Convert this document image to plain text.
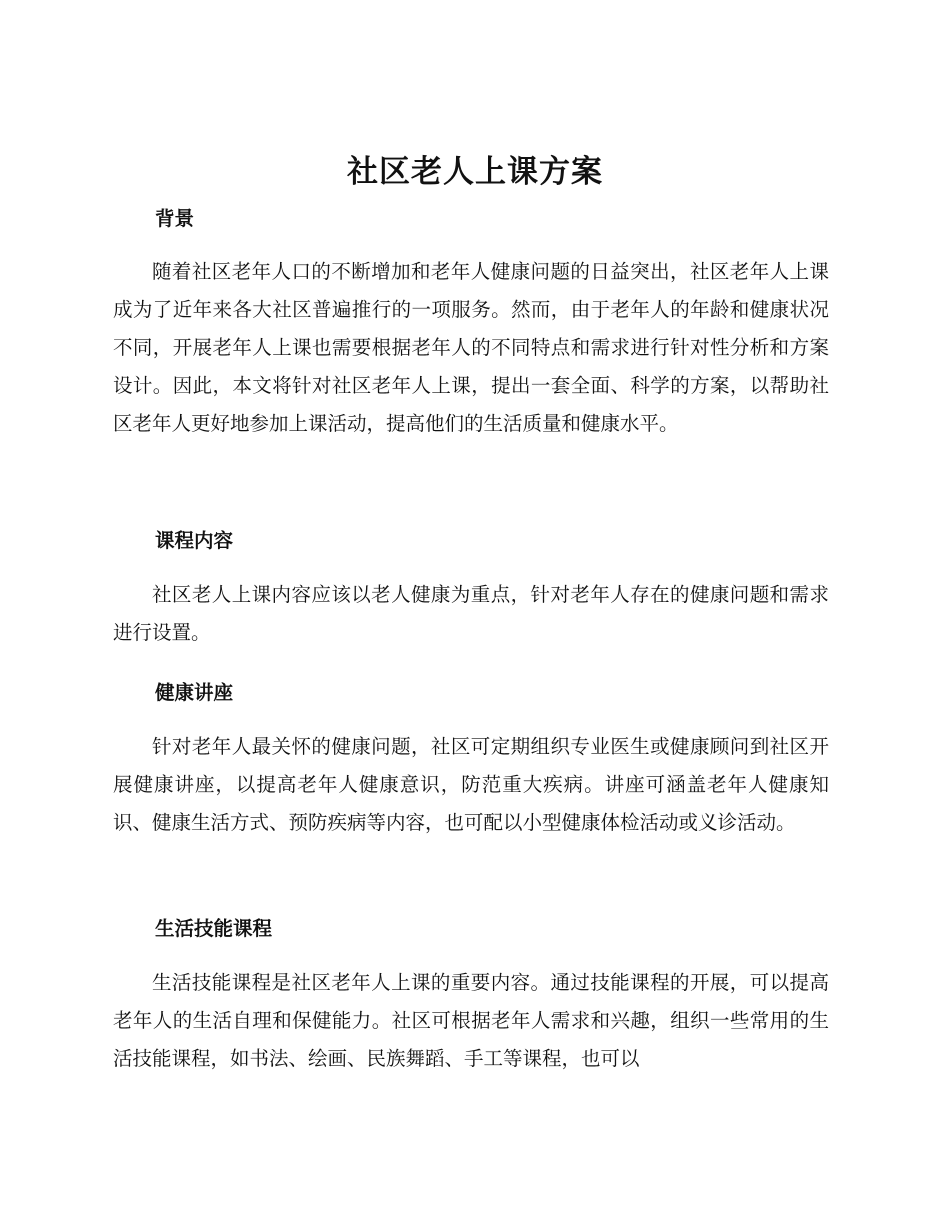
社区老人上课方案
背景

随着社区老年人口的不断增加和老年人健康问题的日益突出，社区老年人上课成为了近年来各大社区普遍推行的一项服务。然而，由于老年人的年龄和健康状况不同，开展老年人上课也需要根据老年人的不同特点和需求进行针对性分析和方案设计。因此，本文将针对社区老年人上课，提出一套全面、科学的方案，以帮助社区老年人更好地参加上课活动，提高他们的生活质量和健康水平。

课程内容

社区老人上课内容应该以老人健康为重点，针对老年人存在的健康问题和需求进行设置。

健康讲座

针对老年人最关怀的健康问题，社区可定期组织专业医生或健康顾问到社区开展健康讲座，以提高老年人健康意识，防范重大疾病。讲座可涵盖老年人健康知识、健康生活方式、预防疾病等内容，也可配以小型健康体检活动或义诊活动。

生活技能课程

生活技能课程是社区老年人上课的重要内容。通过技能课程的开展，可以提高老年人的生活自理和保健能力。社区可根据老年人需求和兴趣，组织一些常用的生活技能课程，如书法、绘画、民族舞蹈、手工等课程，也可以
